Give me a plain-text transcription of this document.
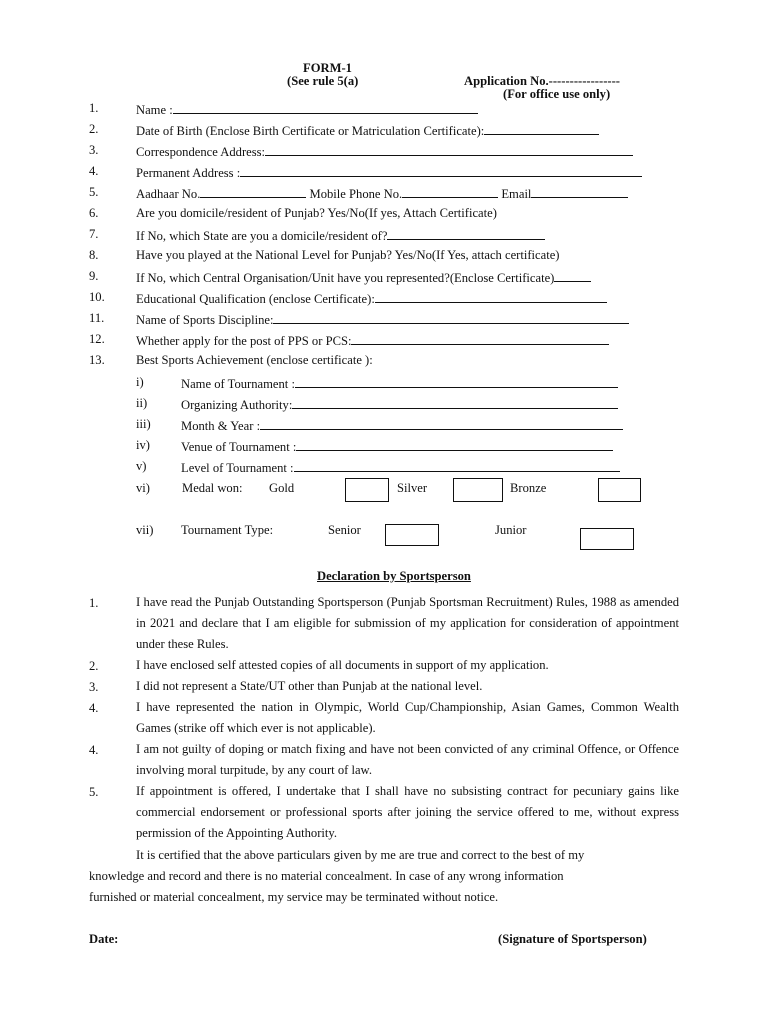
FORM-1
(See rule 5(a)	Application No.-----------------
(For office use only)
1.	Name :
2.	Date of Birth (Enclose Birth Certificate or Matriculation Certificate):
3.	Correspondence Address:
4.	Permanent Address :
5.	Aadhaar No.	Mobile Phone No.	Email
6.	Are you domicile/resident of Punjab? Yes/No(If yes, Attach Certificate)
7.	If No, which State are you a domicile/resident of?
8.	Have you played at the National Level for Punjab? Yes/No(If Yes, attach certificate)
9.	If No, which Central Organisation/Unit have you represented?(Enclose Certificate)
10. Educational Qualification (enclose Certificate):
11.	Name of Sports Discipline:
12. Whether apply for the post of PPS or PCS:
13. Best Sports Achievement (enclose certificate ):
i)	Name of Tournament :
ii)	Organizing Authority:
iii) Month & Year :
iv) Venue of Tournament :
v)	Level of Tournament :
vi)	Medal won: Gold	Silver	Bronze
vii) Tournament Type:	Senior	Junior
Declaration by Sportsperson
1.	I have read the Punjab Outstanding Sportsperson (Punjab Sportsman Recruitment) Rules, 1988 as amended in 2021 and declare that I am eligible for submission of my application for consideration of appointment under these Rules.
2.	I have enclosed self attested copies of all documents in support of my application.
3.	I did not represent a State/UT other than Punjab at the national level.
4.	I have represented the nation in Olympic, World Cup/Championship, Asian Games, Common Wealth Games (strike off which ever is not applicable).
4.	I am not guilty of doping or match fixing and have not been convicted of any criminal Offence, or Offence involving moral turpitude, by any court of law.
5.	If appointment is offered, I undertake that I shall have no subsisting contract for pecuniary gains like commercial endorsement or professional sports after joining the service offered to me, without express permission of the Appointing Authority.
It is certified that the above particulars given by me are true and correct to the best of my
knowledge and record and there is no material concealment. In case of any wrong information
furnished or material concealment, my service may be terminated without notice.
Date:	(Signature of Sportsperson)
